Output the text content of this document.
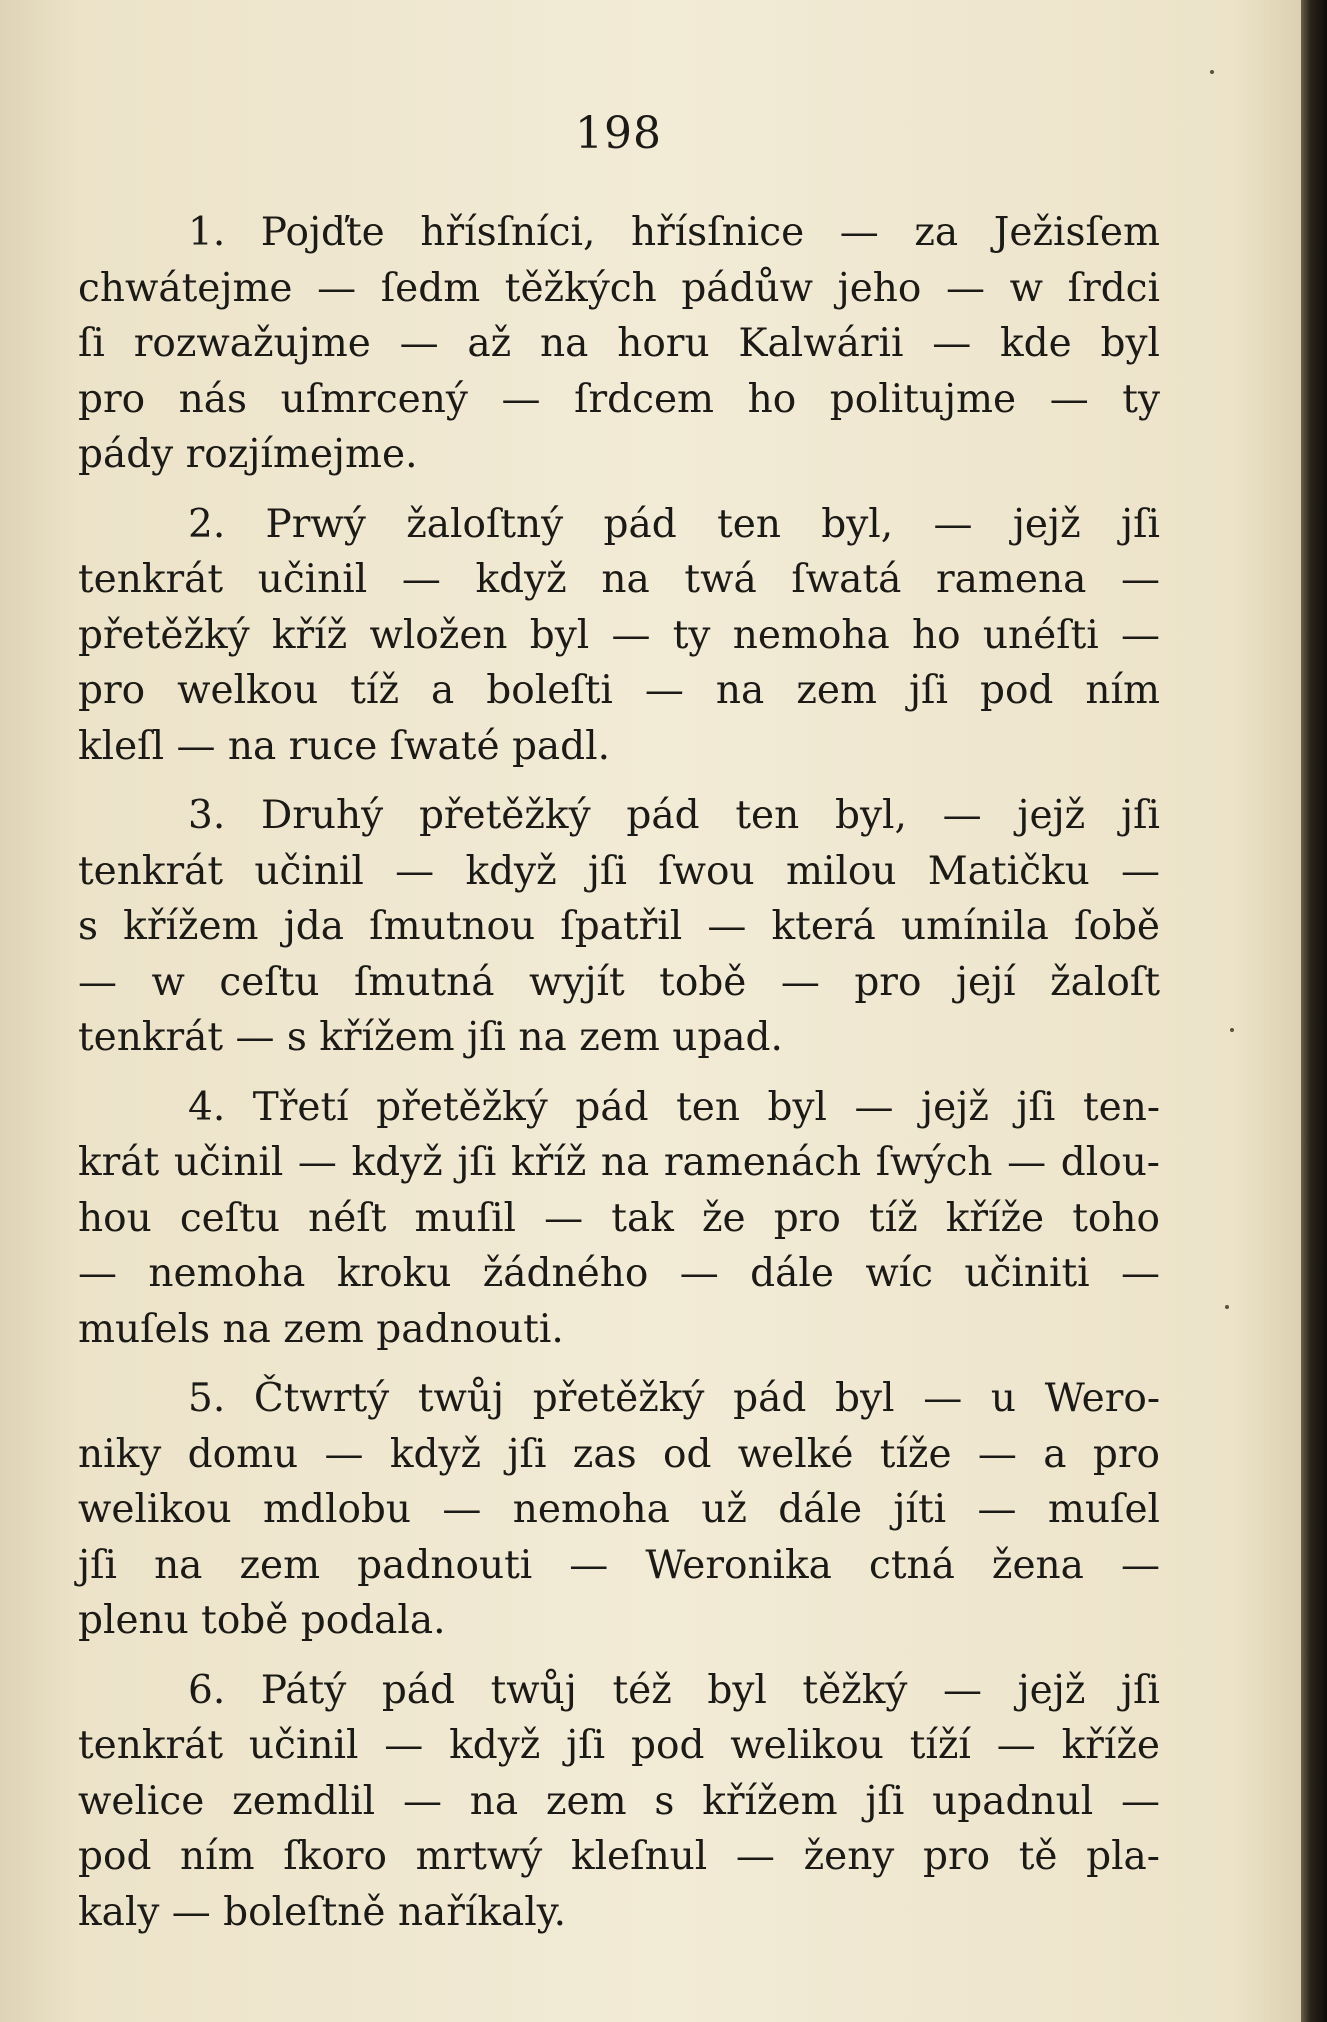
198
1. Pojďte hřísſníci, hřísſnice — za Ježisſem
chwátejme — ſedm těžkých pádůw jeho — w ſrdci
ſi rozwažujme — až na horu Kalwárii — kde byl
pro nás uſmrcený — ſrdcem ho politujme — ty
pády rozjímejme.
2. Prwý žaloſtný pád ten byl, — jejž jſi
tenkrát učinil — když na twá ſwatá ramena —
přetěžký kříž wložen byl — ty nemoha ho unéſti —
pro welkou tíž a boleſti — na zem jſi pod ním
kleſl — na ruce ſwaté padl.
3. Druhý přetěžký pád ten byl, — jejž jſi
tenkrát učinil — když jſi ſwou milou Matičku —
s křížem jda ſmutnou ſpatřil — která umínila ſobě
— w ceſtu ſmutná wyjít tobě — pro její žaloſt
tenkrát — s křížem jſi na zem upad.
4. Třetí přetěžký pád ten byl — jejž jſi ten-
krát učinil — když jſi kříž na ramenách ſwých — dlou-
hou ceſtu néſt muſil — tak že pro tíž kříže toho
— nemoha kroku žádného — dále wíc učiniti —
muſels na zem padnouti.
5. Čtwrtý twůj přetěžký pád byl — u Wero-
niky domu — když jſi zas od welké tíže — a pro
welikou mdlobu — nemoha už dále jíti — muſel
jſi na zem padnouti — Weronika ctná žena —
plenu tobě podala.
6. Pátý pád twůj též byl těžký — jejž jſi
tenkrát učinil — když jſi pod welikou tíží — kříže
welice zemdlil — na zem s křížem jſi upadnul —
pod ním ſkoro mrtwý kleſnul — ženy pro tě pla-
kaly — boleſtně naříkaly.
